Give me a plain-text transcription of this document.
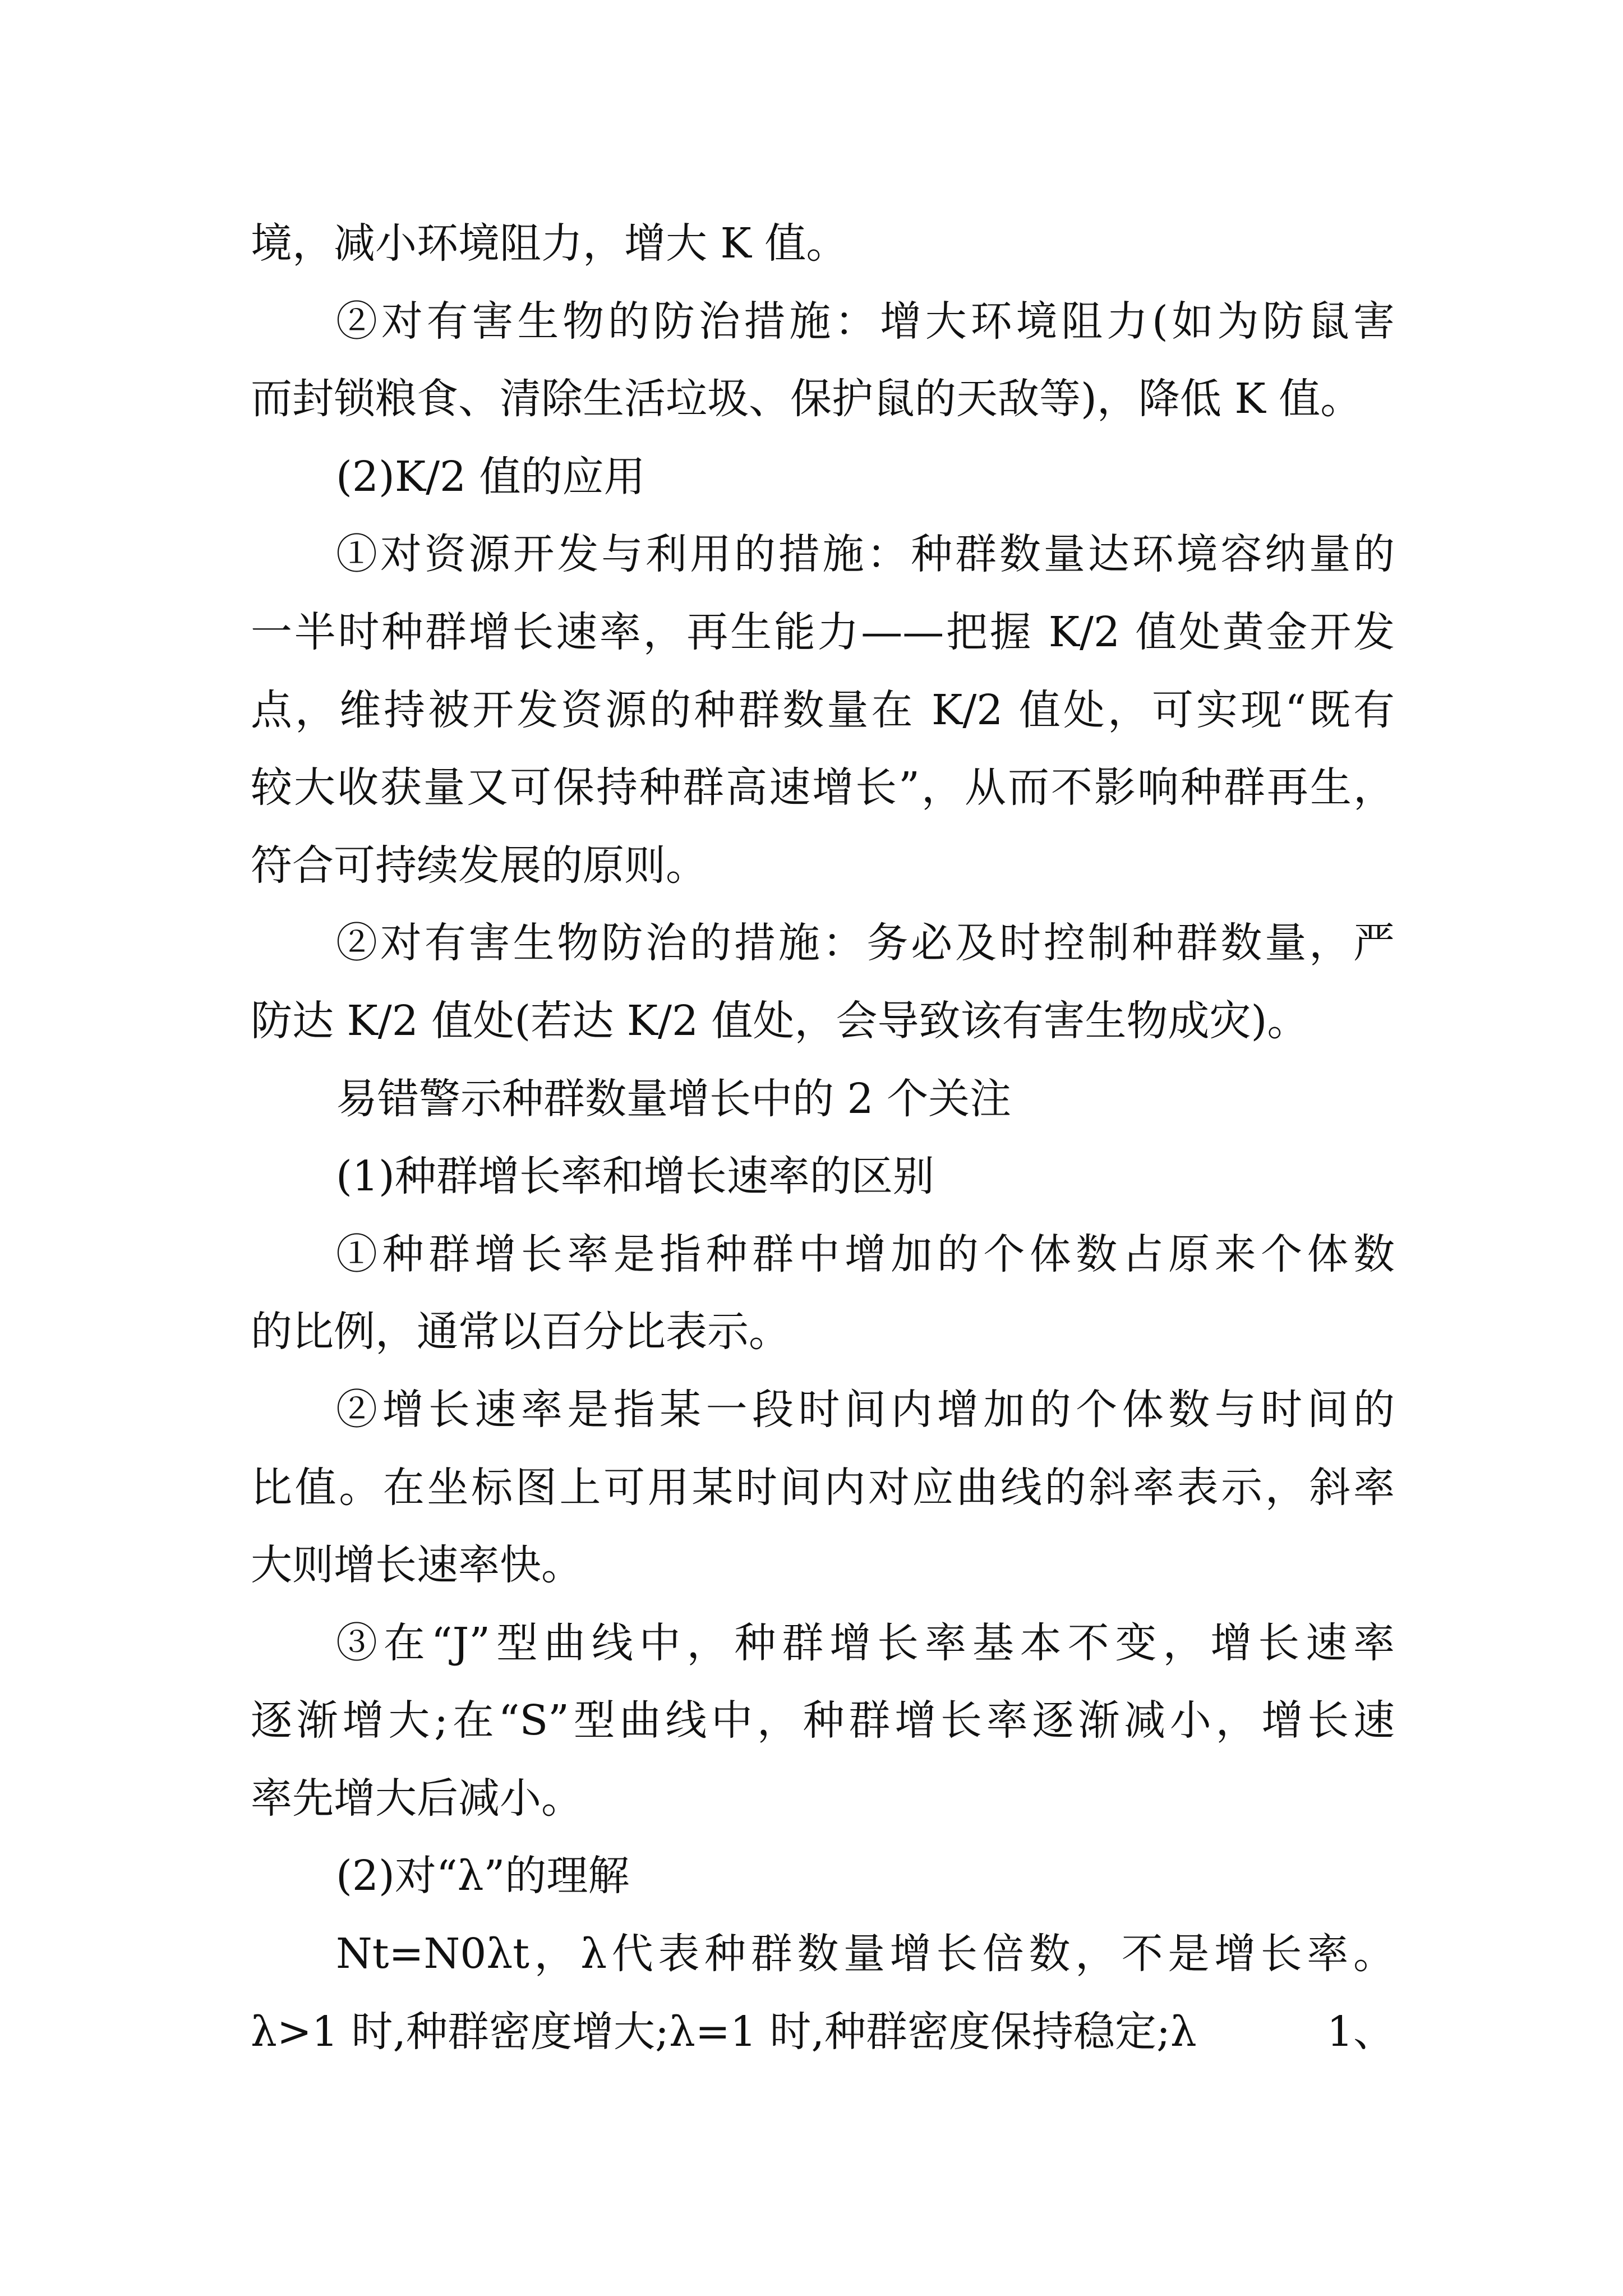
境，减小环境阻力，增大 K 值。
②对有害生物的防治措施：增大环境阻力(如为防鼠害
而封锁粮食、清除生活垃圾、保护鼠的天敌等)，降低 K 值。
(2)K/2 值的应用
①对资源开发与利用的措施：种群数量达环境容纳量的
一半时种群增长速率，再生能力——把握 K/2 值处黄金开发
点，维持被开发资源的种群数量在 K/2 值处，可实现“既有
较大收获量又可保持种群高速增长”，从而不影响种群再生，
符合可持续发展的原则。
②对有害生物防治的措施：务必及时控制种群数量，严
防达 K/2 值处(若达 K/2 值处，会导致该有害生物成灾)。
易错警示种群数量增长中的 2 个关注
(1)种群增长率和增长速率的区别
①种群增长率是指种群中增加的个体数占原来个体数
的比例，通常以百分比表示。
②增长速率是指某一段时间内增加的个体数与时间的
比值。在坐标图上可用某时间内对应曲线的斜率表示，斜率
大则增长速率快。
③在“J”型曲线中，种群增长率基本不变，增长速率
逐渐增大;在“S”型曲线中，种群增长率逐渐减小，增长速
率先增大后减小。
(2)对“λ”的理解
Nt=N0λt，λ代表种群数量增长倍数，不是增长率。
λ>1 时,种群密度增大;λ=1 时,种群密度保持稳定;λ	1、
